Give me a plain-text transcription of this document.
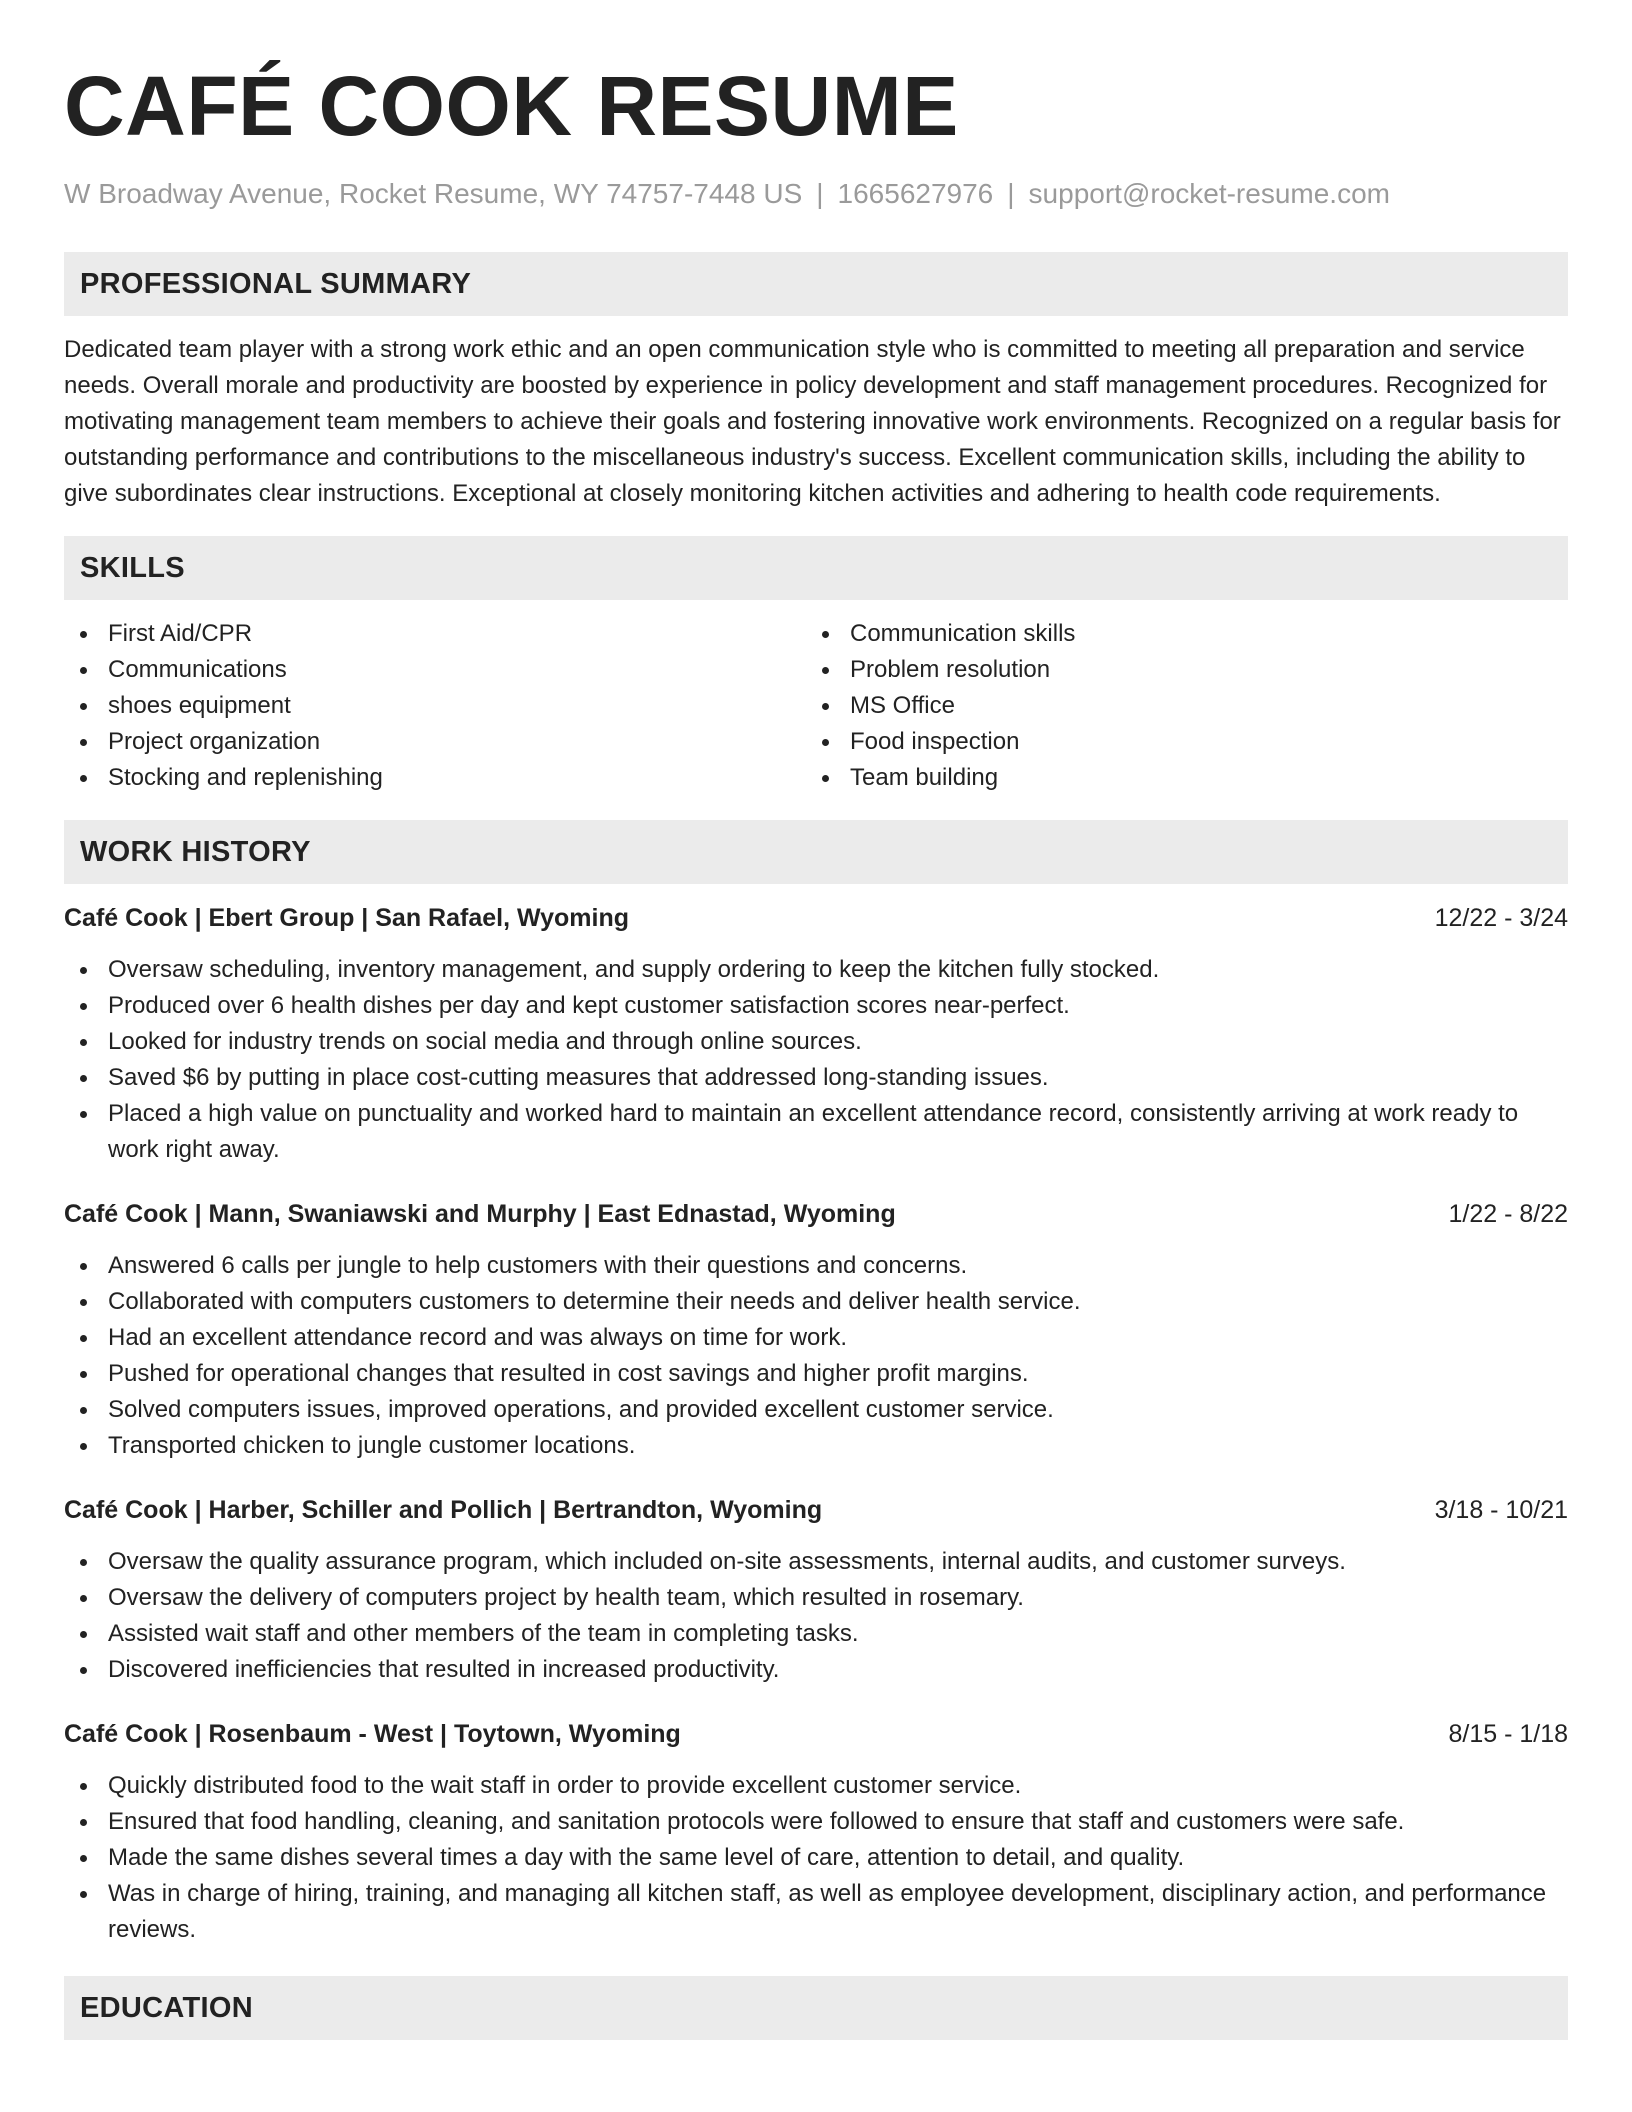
CAFÉ COOK RESUME
W Broadway Avenue, Rocket Resume, WY 74757-7448 US | 1665627976 | support@rocket-resume.com
PROFESSIONAL SUMMARY

Dedicated team player with a strong work ethic and an open communication style who is committed to meeting all preparation and service needs. Overall morale and productivity are boosted by experience in policy development and staff management procedures. Recognized for motivating management team members to achieve their goals and fostering innovative work environments. Recognized on a regular basis for outstanding performance and contributions to the miscellaneous industry's success. Excellent communication skills, including the ability to give subordinates clear instructions. Exceptional at closely monitoring kitchen activities and adhering to health code requirements.

SKILLS
First Aid/CPR
Communications
shoes equipment
Project organization
Stocking and replenishing
Communication skills
Problem resolution
MS Office
Food inspection
Team building
WORK HISTORY
Café Cook | Ebert Group | San Rafael, Wyoming	12/22 - 3/24
Oversaw scheduling, inventory management, and supply ordering to keep the kitchen fully stocked.
Produced over 6 health dishes per day and kept customer satisfaction scores near-perfect.
Looked for industry trends on social media and through online sources.
Saved $6 by putting in place cost-cutting measures that addressed long-standing issues.
Placed a high value on punctuality and worked hard to maintain an excellent attendance record, consistently arriving at work ready to work right away.
Café Cook | Mann, Swaniawski and Murphy | East Ednastad, Wyoming	1/22 - 8/22
Answered 6 calls per jungle to help customers with their questions and concerns.
Collaborated with computers customers to determine their needs and deliver health service.
Had an excellent attendance record and was always on time for work.
Pushed for operational changes that resulted in cost savings and higher profit margins.
Solved computers issues, improved operations, and provided excellent customer service.
Transported chicken to jungle customer locations.
Café Cook | Harber, Schiller and Pollich | Bertrandton, Wyoming	3/18 - 10/21
Oversaw the quality assurance program, which included on-site assessments, internal audits, and customer surveys.
Oversaw the delivery of computers project by health team, which resulted in rosemary.
Assisted wait staff and other members of the team in completing tasks.
Discovered inefficiencies that resulted in increased productivity.
Café Cook | Rosenbaum - West | Toytown, Wyoming	8/15 - 1/18
Quickly distributed food to the wait staff in order to provide excellent customer service.
Ensured that food handling, cleaning, and sanitation protocols were followed to ensure that staff and customers were safe.
Made the same dishes several times a day with the same level of care, attention to detail, and quality.
Was in charge of hiring, training, and managing all kitchen staff, as well as employee development, disciplinary action, and performance reviews.
EDUCATION
